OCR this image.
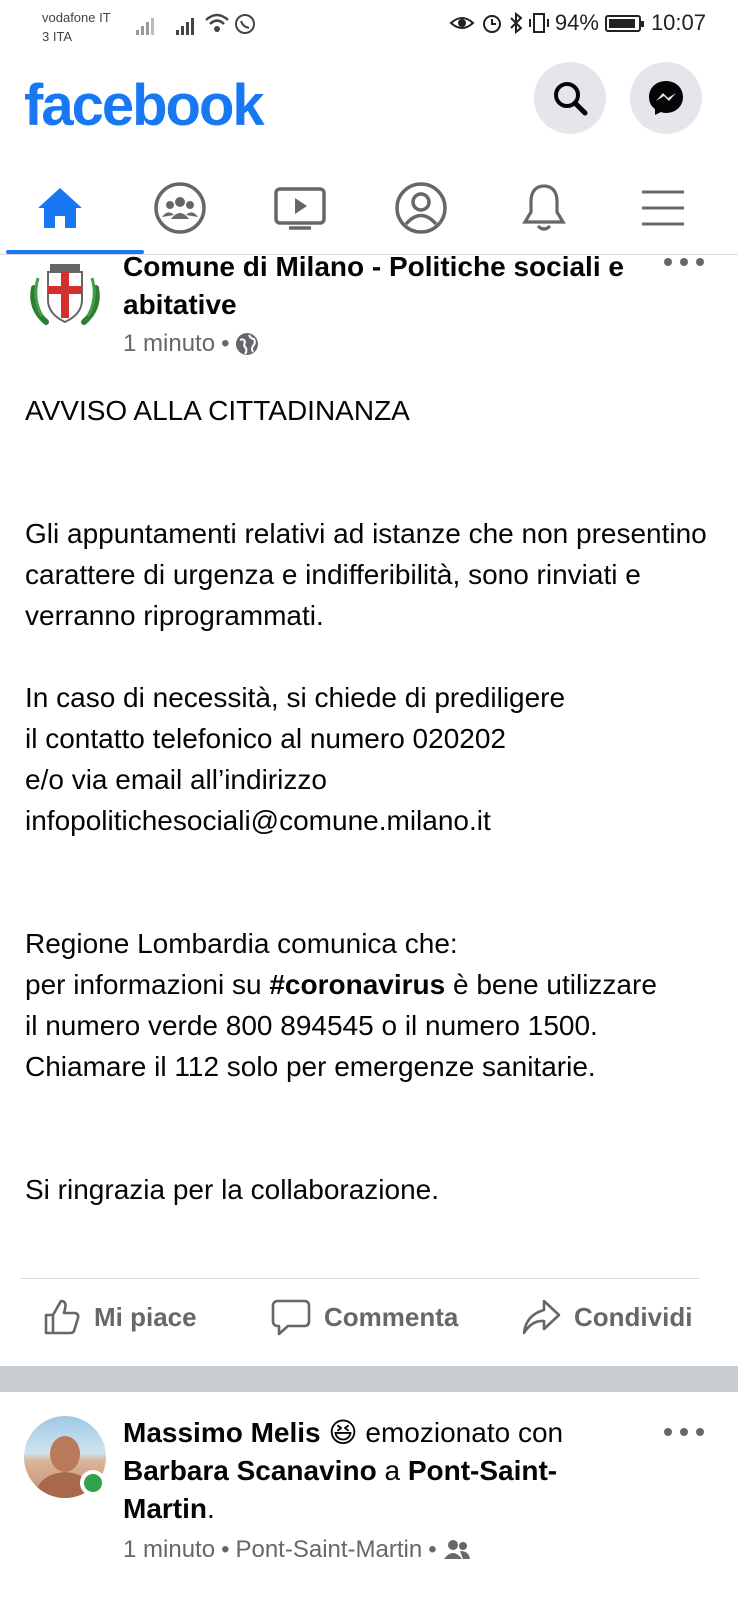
vodafone IT
3 ITA
94% 10:07
facebook
Comune di Milano - Politiche sociali e abitative
1 minuto •

AVVISO ALLA CITTADINANZA

Gli appuntamenti relativi ad istanze che non presentino carattere di urgenza e indifferibilità, sono rinviati e verranno riprogrammati.

In caso di necessità, si chiede di prediligere
il contatto telefonico al numero 020202
e/o via email all’indirizzo
infopolitichesociali@comune.milano.it

Regione Lombardia comunica che:
per informazioni su #coronavirus è bene utilizzare
il numero verde 800 894545 o il numero 1500.
Chiamare il 112 solo per emergenze sanitarie.

Si ringrazia per la collaborazione.

Mi piace	Commenta	Condividi
Massimo Melis 😆 emozionato con Barbara Scanavino a Pont-Saint-Martin.
1 minuto • Pont-Saint-Martin •
